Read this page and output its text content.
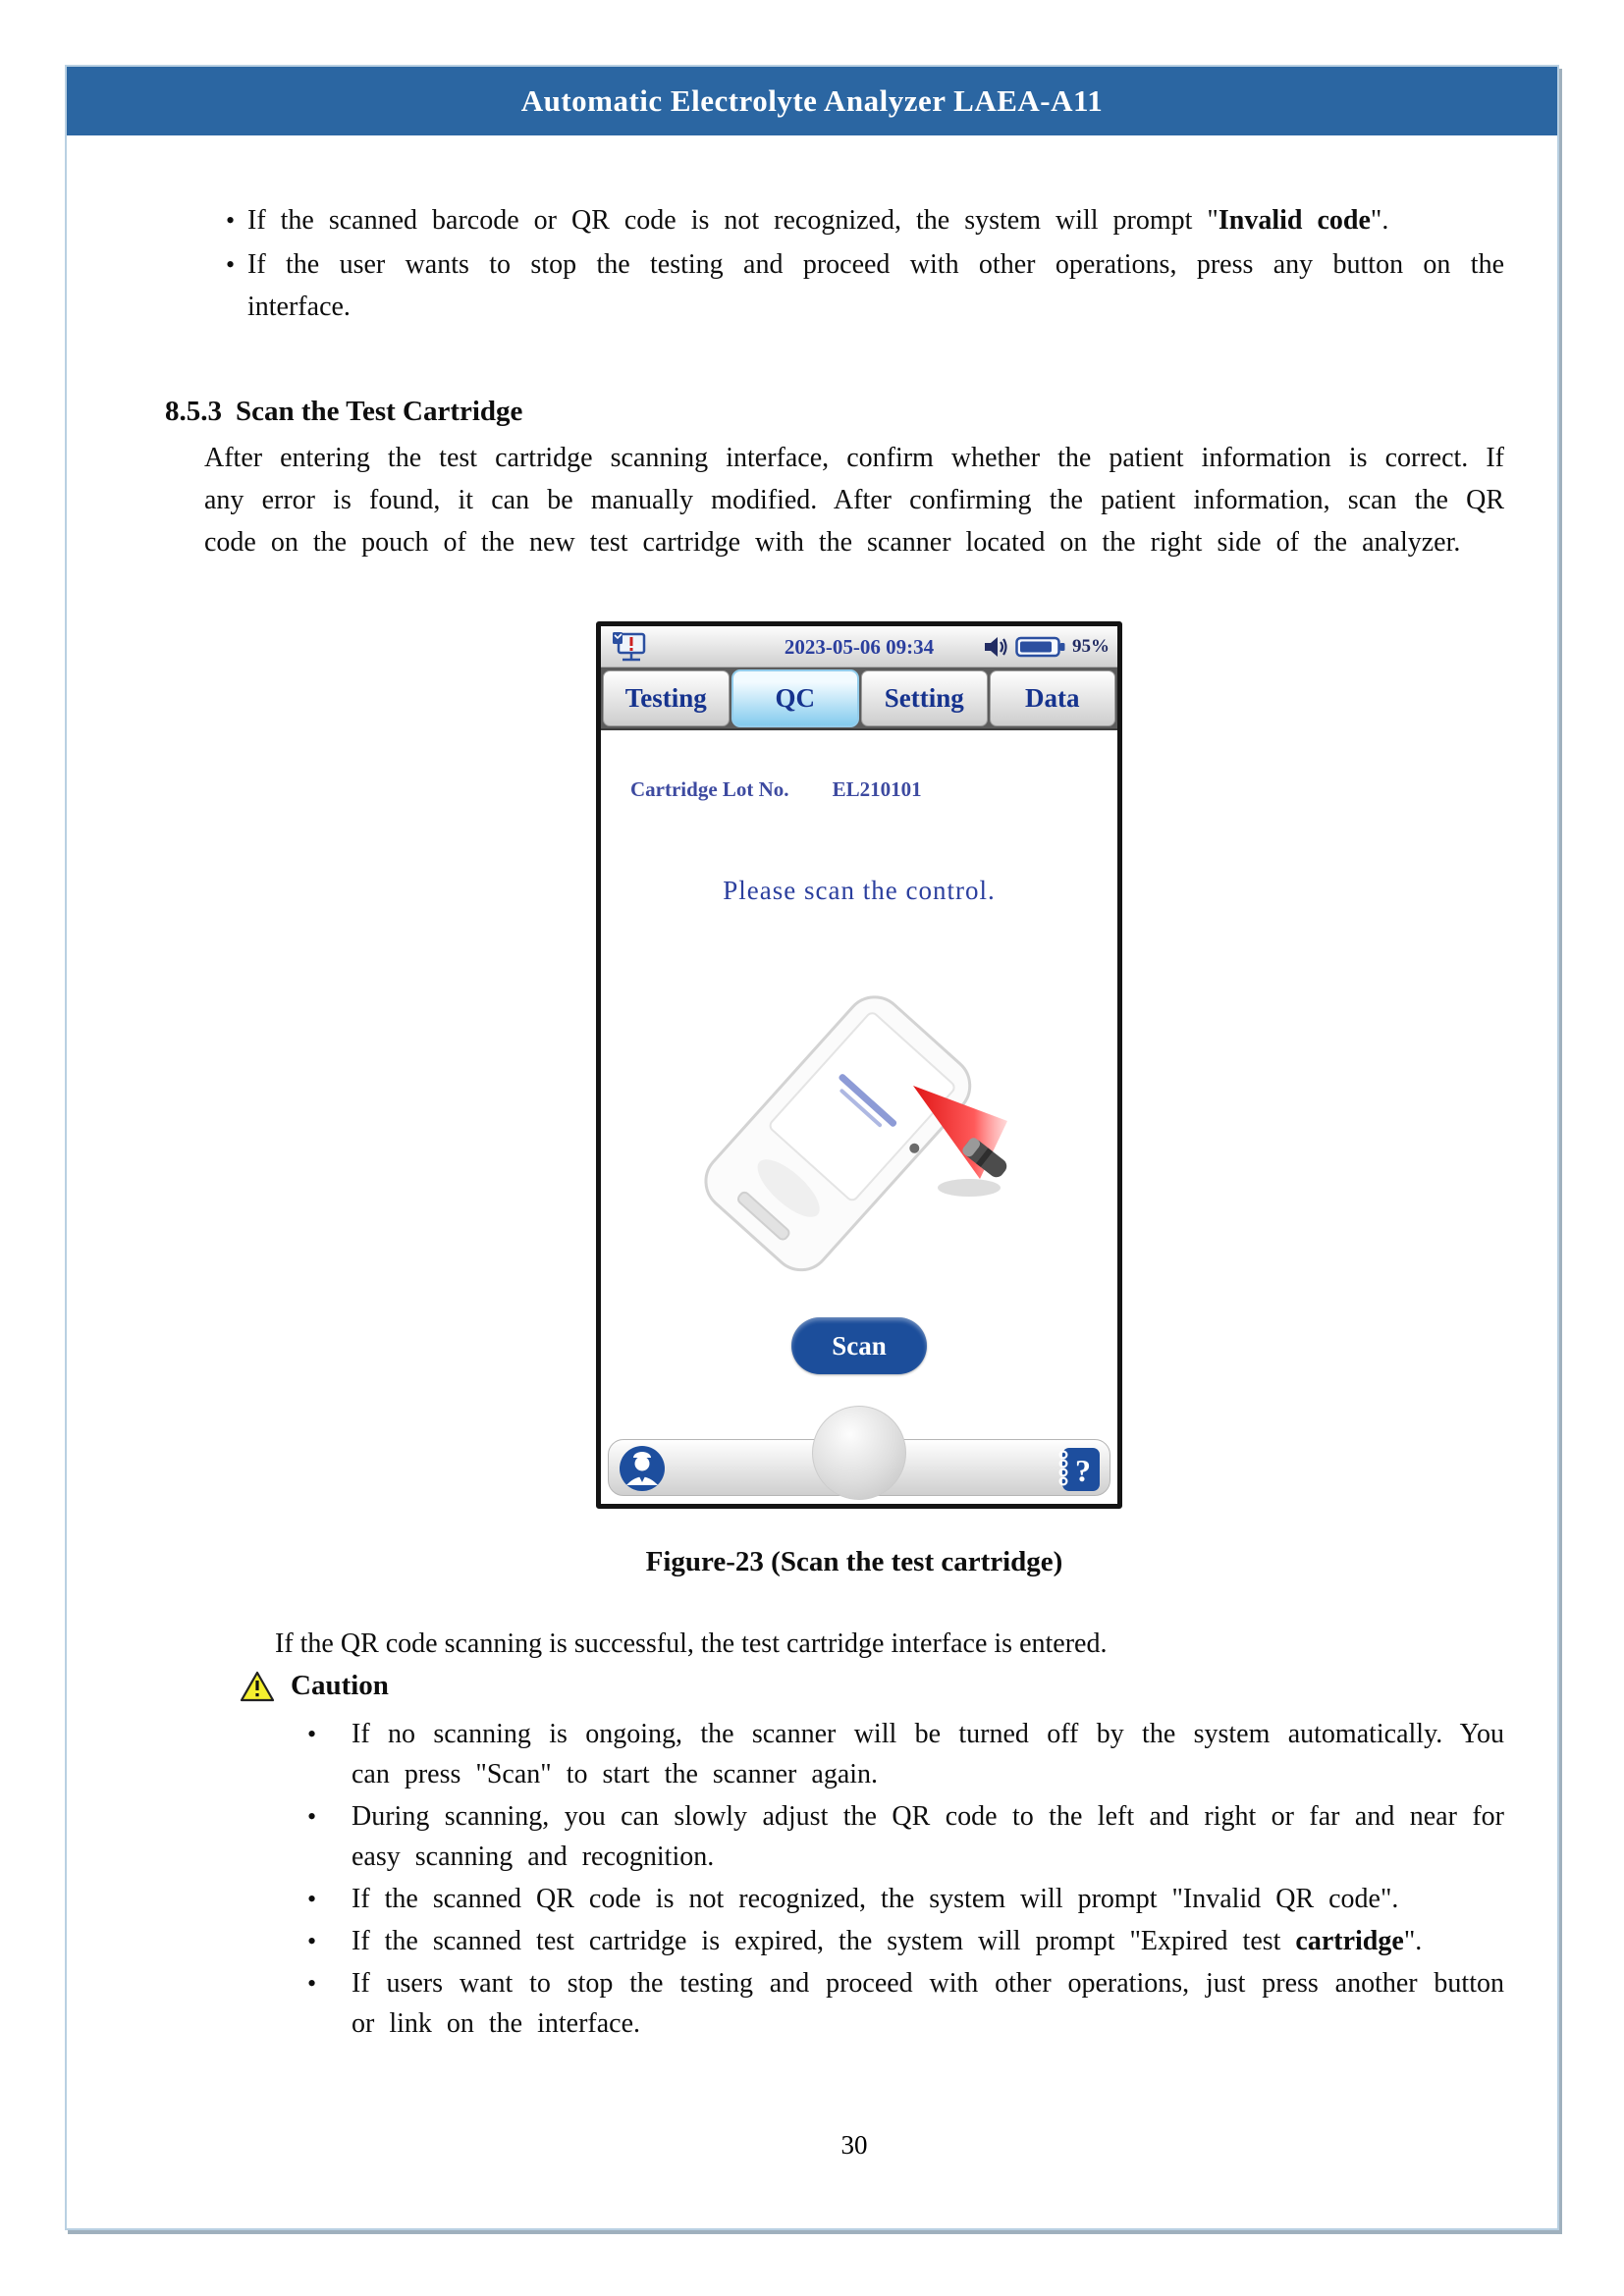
Automatic Electrolyte Analyzer LAEA-A11
• If the scanned barcode or QR code is not recognized, the system will prompt "Invalid code".
• If the user wants to stop the testing and proceed with other operations, press any button on the interface.
8.5.3 Scan the Test Cartridge
After entering the test cartridge scanning interface, confirm whether the patient information is correct. If any error is found, it can be manually modified. After confirming the patient information, scan the QR code on the pouch of the new test cartridge with the scanner located on the right side of the analyzer.
2023-05-06 09:34	95%
Testing	QC	Setting Data
Cartridge Lot No. EL210101
Please scan the control.
Scan
?
Figure-23 (Scan the test cartridge)
If the QR code scanning is successful, the test cartridge interface is entered.
Caution
•	If no scanning is ongoing, the scanner will be turned off by the system automatically. You can press "Scan" to start the scanner again.
•	During scanning, you can slowly adjust the QR code to the left and right or far and near for easy scanning and recognition.
•	If the scanned QR code is not recognized, the system will prompt "Invalid QR code".
•	If the scanned test cartridge is expired, the system will prompt "Expired test cartridge".
•	If users want to stop the testing and proceed with other operations, just press another button or link on the interface.
30
